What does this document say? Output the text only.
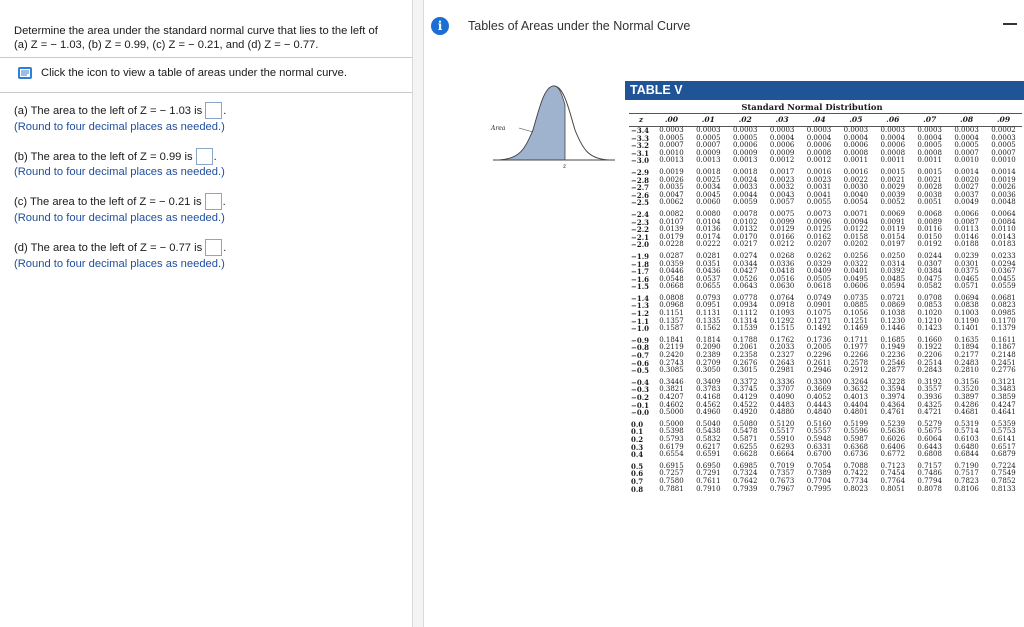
Determine the area under the standard normal curve that lies to the left of
(a) Z = − 1.03, (b) Z = 0.99, (c) Z = − 0.21, and (d) Z = − 0.77.
Click the icon to view a table of areas under the normal curve.
(a) The area to the left of Z = − 1.03 is .
(Round to four decimal places as needed.)
(b) The area to the left of Z = 0.99 is .
(Round to four decimal places as needed.)
(c) The area to the left of Z = − 0.21 is .
(Round to four decimal places as needed.)
(d) The area to the left of Z = − 0.77 is .
(Round to four decimal places as needed.)
i	Tables of Areas under the Normal Curve
Area
z
TABLE V
Standard Normal Distribution
z	.00	.01	.02	.03	.04	.05	.06	.07	.08	.09
−3.4	0.0003	0.0003	0.0003	0.0003	0.0003	0.0003	0.0003	0.0003	0.0003	0.0002
−3.3	0.0005	0.0005	0.0005	0.0004	0.0004	0.0004	0.0004	0.0004	0.0004	0.0003
−3.2	0.0007	0.0007	0.0006	0.0006	0.0006	0.0006	0.0006	0.0005	0.0005	0.0005
−3.1	0.0010	0.0009	0.0009	0.0009	0.0008	0.0008	0.0008	0.0008	0.0007	0.0007
−3.0	0.0013	0.0013	0.0013	0.0012	0.0012	0.0011	0.0011	0.0011	0.0010	0.0010
−2.9	0.0019	0.0018	0.0018	0.0017	0.0016	0.0016	0.0015	0.0015	0.0014	0.0014
−2.8	0.0026	0.0025	0.0024	0.0023	0.0023	0.0022	0.0021	0.0021	0.0020	0.0019
−2.7	0.0035	0.0034	0.0033	0.0032	0.0031	0.0030	0.0029	0.0028	0.0027	0.0026
−2.6	0.0047	0.0045	0.0044	0.0043	0.0041	0.0040	0.0039	0.0038	0.0037	0.0036
−2.5	0.0062	0.0060	0.0059	0.0057	0.0055	0.0054	0.0052	0.0051	0.0049	0.0048
−2.4	0.0082	0.0080	0.0078	0.0075	0.0073	0.0071	0.0069	0.0068	0.0066	0.0064
−2.3	0.0107	0.0104	0.0102	0.0099	0.0096	0.0094	0.0091	0.0089	0.0087	0.0084
−2.2	0.0139	0.0136	0.0132	0.0129	0.0125	0.0122	0.0119	0.0116	0.0113	0.0110
−2.1	0.0179	0.0174	0.0170	0.0166	0.0162	0.0158	0.0154	0.0150	0.0146	0.0143
−2.0	0.0228	0.0222	0.0217	0.0212	0.0207	0.0202	0.0197	0.0192	0.0188	0.0183
−1.9	0.0287	0.0281	0.0274	0.0268	0.0262	0.0256	0.0250	0.0244	0.0239	0.0233
−1.8	0.0359	0.0351	0.0344	0.0336	0.0329	0.0322	0.0314	0.0307	0.0301	0.0294
−1.7	0.0446	0.0436	0.0427	0.0418	0.0409	0.0401	0.0392	0.0384	0.0375	0.0367
−1.6	0.0548	0.0537	0.0526	0.0516	0.0505	0.0495	0.0485	0.0475	0.0465	0.0455
−1.5	0.0668	0.0655	0.0643	0.0630	0.0618	0.0606	0.0594	0.0582	0.0571	0.0559
−1.4	0.0808	0.0793	0.0778	0.0764	0.0749	0.0735	0.0721	0.0708	0.0694	0.0681
−1.3	0.0968	0.0951	0.0934	0.0918	0.0901	0.0885	0.0869	0.0853	0.0838	0.0823
−1.2	0.1151	0.1131	0.1112	0.1093	0.1075	0.1056	0.1038	0.1020	0.1003	0.0985
−1.1	0.1357	0.1335	0.1314	0.1292	0.1271	0.1251	0.1230	0.1210	0.1190	0.1170
−1.0	0.1587	0.1562	0.1539	0.1515	0.1492	0.1469	0.1446	0.1423	0.1401	0.1379
−0.9	0.1841	0.1814	0.1788	0.1762	0.1736	0.1711	0.1685	0.1660	0.1635	0.1611
−0.8	0.2119	0.2090	0.2061	0.2033	0.2005	0.1977	0.1949	0.1922	0.1894	0.1867
−0.7	0.2420	0.2389	0.2358	0.2327	0.2296	0.2266	0.2236	0.2206	0.2177	0.2148
−0.6	0.2743	0.2709	0.2676	0.2643	0.2611	0.2578	0.2546	0.2514	0.2483	0.2451
−0.5	0.3085	0.3050	0.3015	0.2981	0.2946	0.2912	0.2877	0.2843	0.2810	0.2776
−0.4	0.3446	0.3409	0.3372	0.3336	0.3300	0.3264	0.3228	0.3192	0.3156	0.3121
−0.3	0.3821	0.3783	0.3745	0.3707	0.3669	0.3632	0.3594	0.3557	0.3520	0.3483
−0.2	0.4207	0.4168	0.4129	0.4090	0.4052	0.4013	0.3974	0.3936	0.3897	0.3859
−0.1	0.4602	0.4562	0.4522	0.4483	0.4443	0.4404	0.4364	0.4325	0.4286	0.4247
−0.0	0.5000	0.4960	0.4920	0.4880	0.4840	0.4801	0.4761	0.4721	0.4681	0.4641
0.0	0.5000	0.5040	0.5080	0.5120	0.5160	0.5199	0.5239	0.5279	0.5319	0.5359
0.1	0.5398	0.5438	0.5478	0.5517	0.5557	0.5596	0.5636	0.5675	0.5714	0.5753
0.2	0.5793	0.5832	0.5871	0.5910	0.5948	0.5987	0.6026	0.6064	0.6103	0.6141
0.3	0.6179	0.6217	0.6255	0.6293	0.6331	0.6368	0.6406	0.6443	0.6480	0.6517
0.4	0.6554	0.6591	0.6628	0.6664	0.6700	0.6736	0.6772	0.6808	0.6844	0.6879
0.5	0.6915	0.6950	0.6985	0.7019	0.7054	0.7088	0.7123	0.7157	0.7190	0.7224
0.6	0.7257	0.7291	0.7324	0.7357	0.7389	0.7422	0.7454	0.7486	0.7517	0.7549
0.7	0.7580	0.7611	0.7642	0.7673	0.7704	0.7734	0.7764	0.7794	0.7823	0.7852
0.8	0.7881	0.7910	0.7939	0.7967	0.7995	0.8023	0.8051	0.8078	0.8106	0.8133
